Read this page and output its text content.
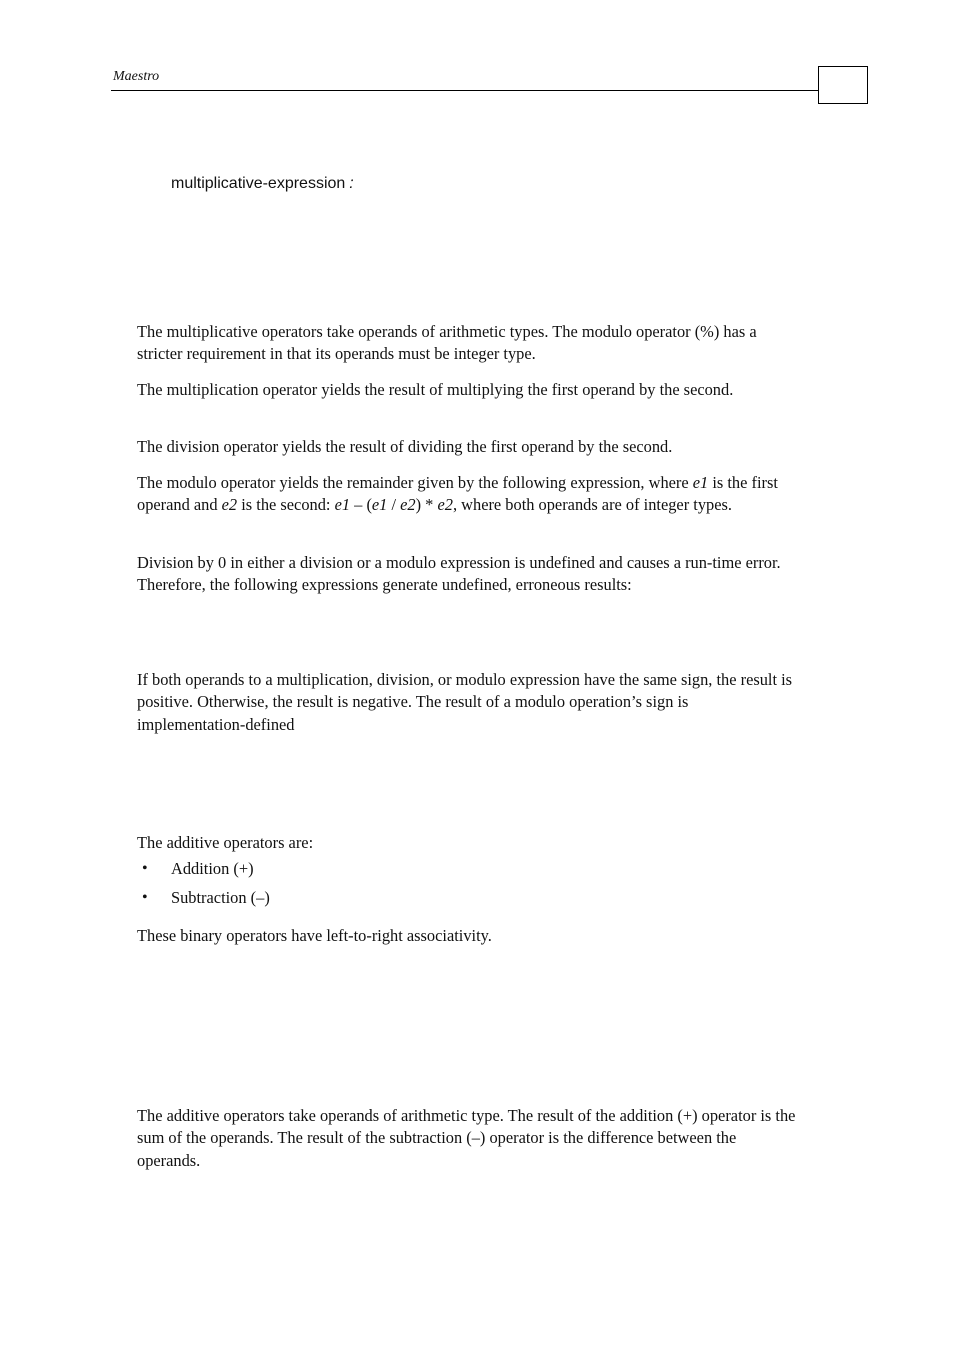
Maestro
multiplicative-expression :

The multiplicative operators take operands of arithmetic types. The modulo operator (%) has a stricter requirement in that its operands must be integer type.

The multiplication operator yields the result of multiplying the first operand by the second.

The division operator yields the result of dividing the first operand by the second.

The modulo operator yields the remainder given by the following expression, where e1 is the first operand and e2 is the second: e1 – (e1 / e2) * e2, where both operands are of integer types.

Division by 0 in either a division or a modulo expression is undefined and causes a run-time error. Therefore, the following expressions generate undefined, erroneous results:

If both operands to a multiplication, division, or modulo expression have the same sign, the result is positive. Otherwise, the result is negative. The result of a modulo operation’s sign is implementation-defined

The additive operators are:

• Addition (+)
• Subtraction (–)

These binary operators have left-to-right associativity.

The additive operators take operands of arithmetic type. The result of the addition (+) operator is the sum of the operands. The result of the subtraction (–) operator is the difference between the operands.
